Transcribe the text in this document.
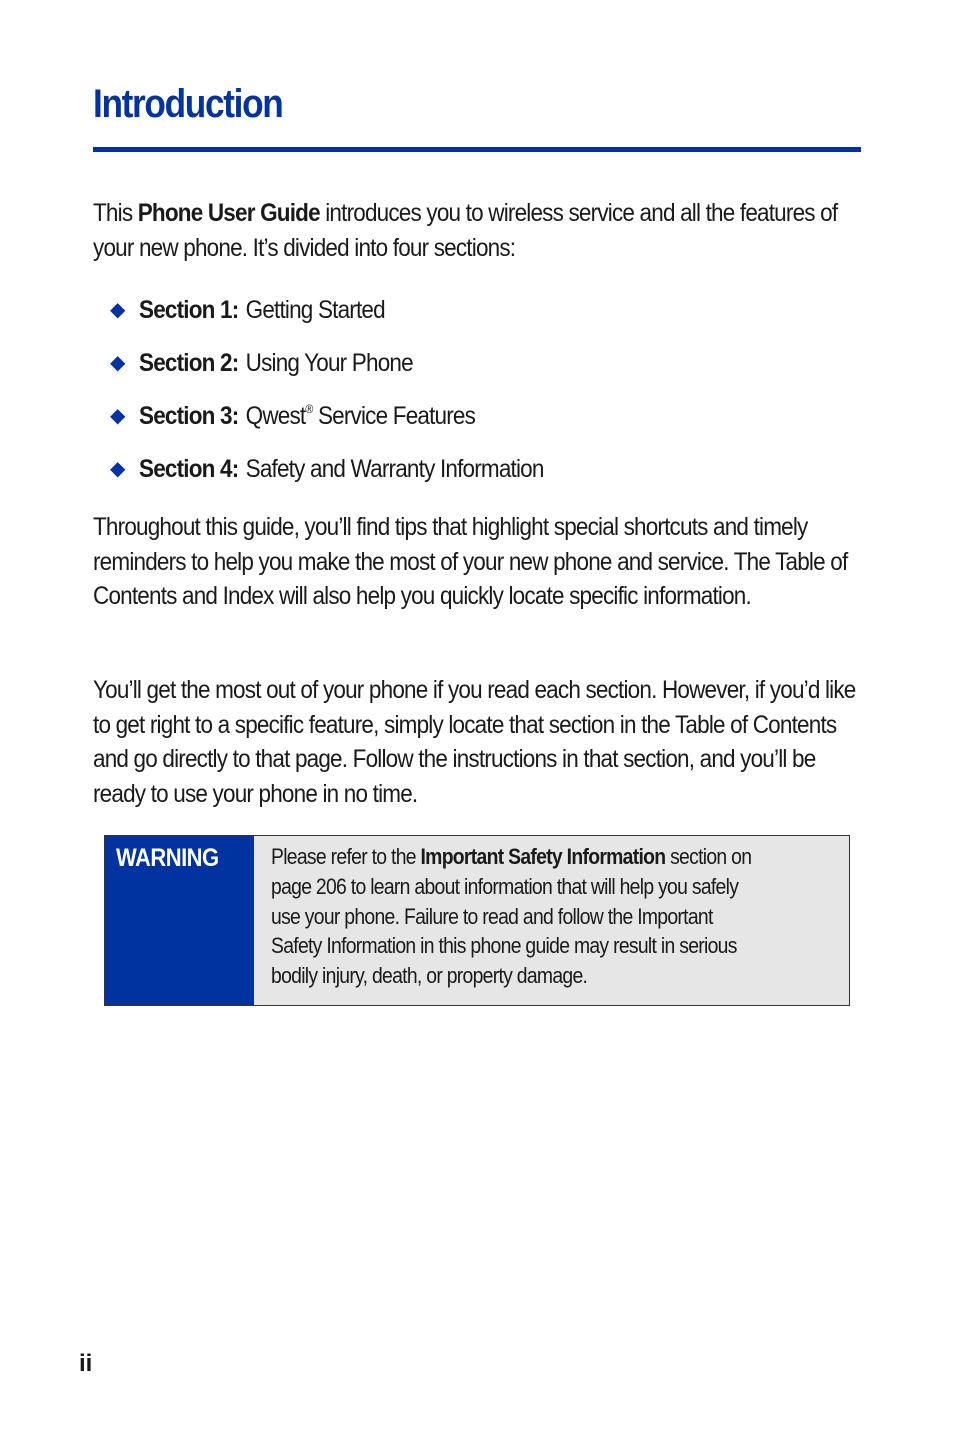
Introduction

This Phone User Guide introduces you to wireless service and all the features of your new phone. It’s divided into four sections:

◆ Section 1: Getting Started
◆ Section 2: Using Your Phone
◆ Section 3: Qwest® Service Features
◆ Section 4: Safety and Warranty Information

Throughout this guide, you’ll find tips that highlight special shortcuts and timely reminders to help you make the most of your new phone and service. The Table of Contents and Index will also help you quickly locate specific information.

You’ll get the most out of your phone if you read each section. However, if you’d like to get right to a specific feature, simply locate that section in the Table of Contents and go directly to that page. Follow the instructions in that section, and you’ll be ready to use your phone in no time.

WARNING	Please refer to the Important Safety Information section on page 206 to learn about information that will help you safely use your phone. Failure to read and follow the Important Safety Information in this phone guide may result in serious bodily injury, death, or property damage.
ii
